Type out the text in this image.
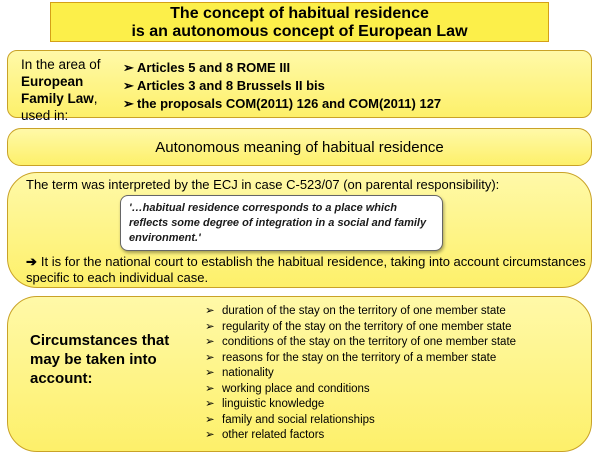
The concept of habitual residence
is an autonomous concept of European Law
In the area of European Family Law, used in:
➢ Articles 5 and 8 ROME III
➢ Articles 3 and 8 Brussels II bis
➢ the proposals COM(2011) 126 and COM(2011) 127
Autonomous meaning of habitual residence
The term was interpreted by the ECJ in case C-523/07 (on parental responsibility):
'…habitual residence corresponds to a place which reflects some degree of integration in a social and family environment.'
➔ It is for the national court to establish the habitual residence, taking into account circumstances specific to each individual case.
Circumstances that may be taken into account:
➢ duration of the stay on the territory of one member state
➢ regularity of the stay on the territory of one member state
➢ conditions of the stay on the territory of one member state
➢ reasons for the stay on the territory of a member state
➢ nationality
➢ working place and conditions
➢ linguistic knowledge
➢ family and social relationships
➢ other related factors
